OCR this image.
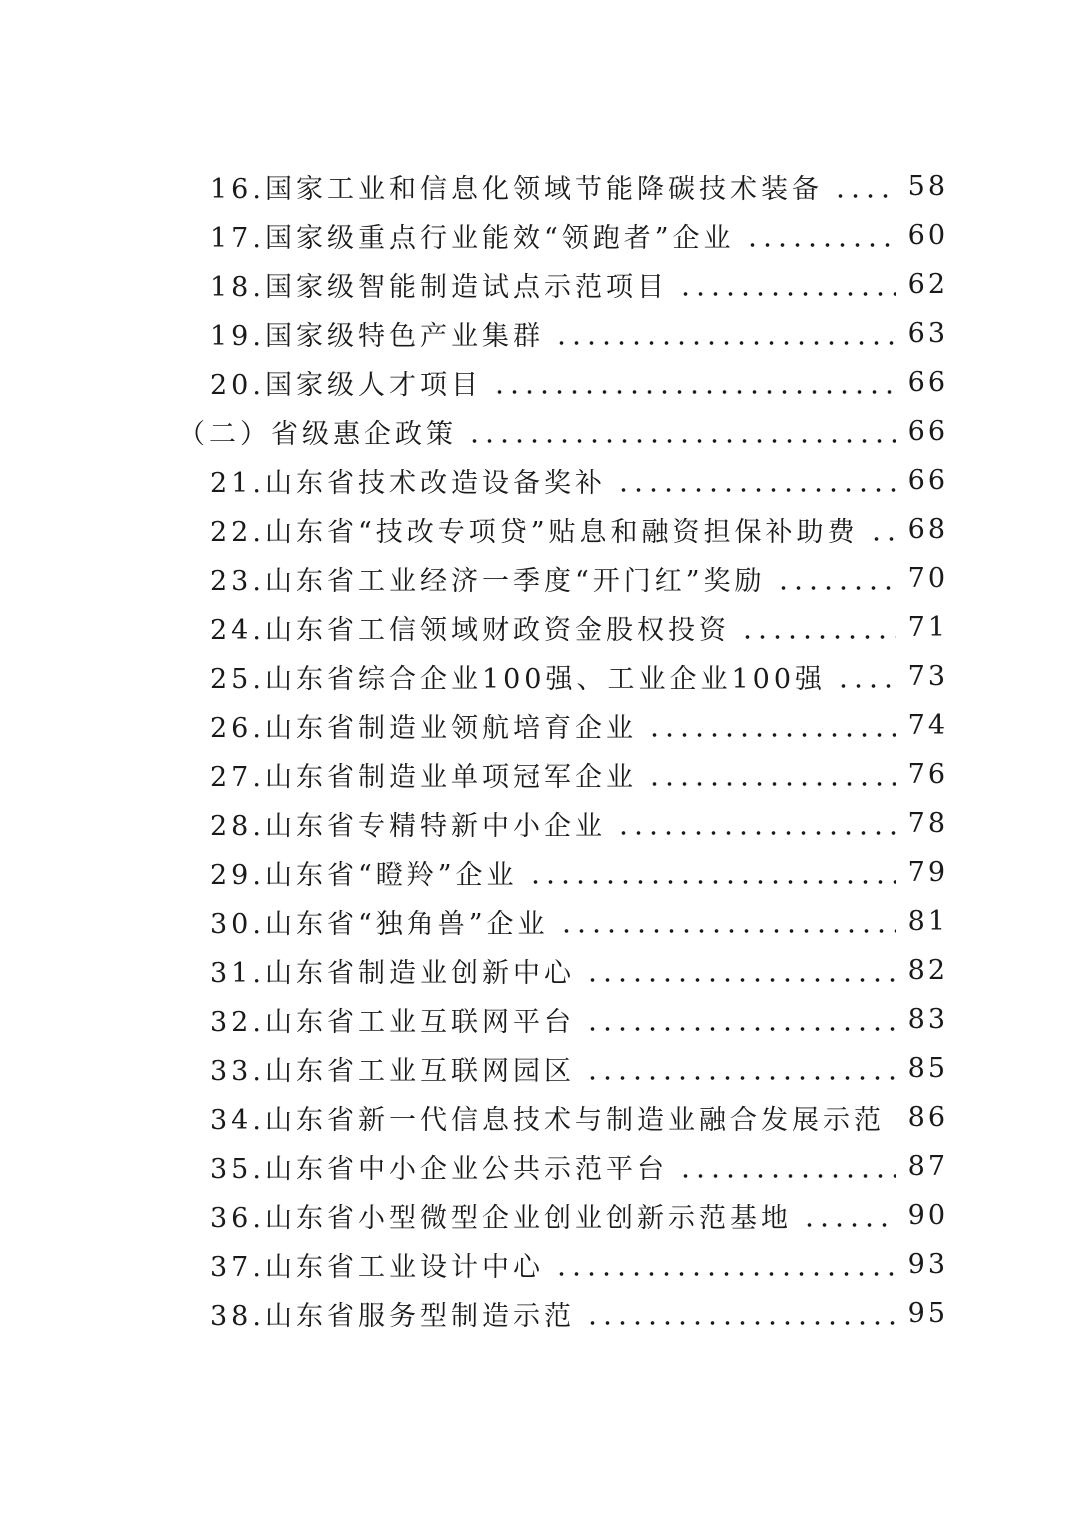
16.国家工业和信息化领域节能降碳技术装备	58
17.国家级重点行业能效“领跑者”企业	60
18.国家级智能制造试点示范项目	62
19.国家级特色产业集群	63
20.国家级人才项目	66
（二）省级惠企政策	66
21.山东省技术改造设备奖补	66
22.山东省“技改专项贷”贴息和融资担保补助费 68
23.山东省工业经济一季度“开门红”奖励	70
24.山东省工信领域财政资金股权投资	71
25.山东省综合企业100强、工业企业100强	73
26.山东省制造业领航培育企业	74
27.山东省制造业单项冠军企业	76
28.山东省专精特新中小企业	78
29.山东省“瞪羚”企业	79
30.山东省“独角兽”企业	81
31.山东省制造业创新中心	82
32.山东省工业互联网平台	83
33.山东省工业互联网园区	85
34.山东省新一代信息技术与制造业融合发展示范 86
35.山东省中小企业公共示范平台	87
36.山东省小型微型企业创业创新示范基地	90
37.山东省工业设计中心	93
38.山东省服务型制造示范	95
